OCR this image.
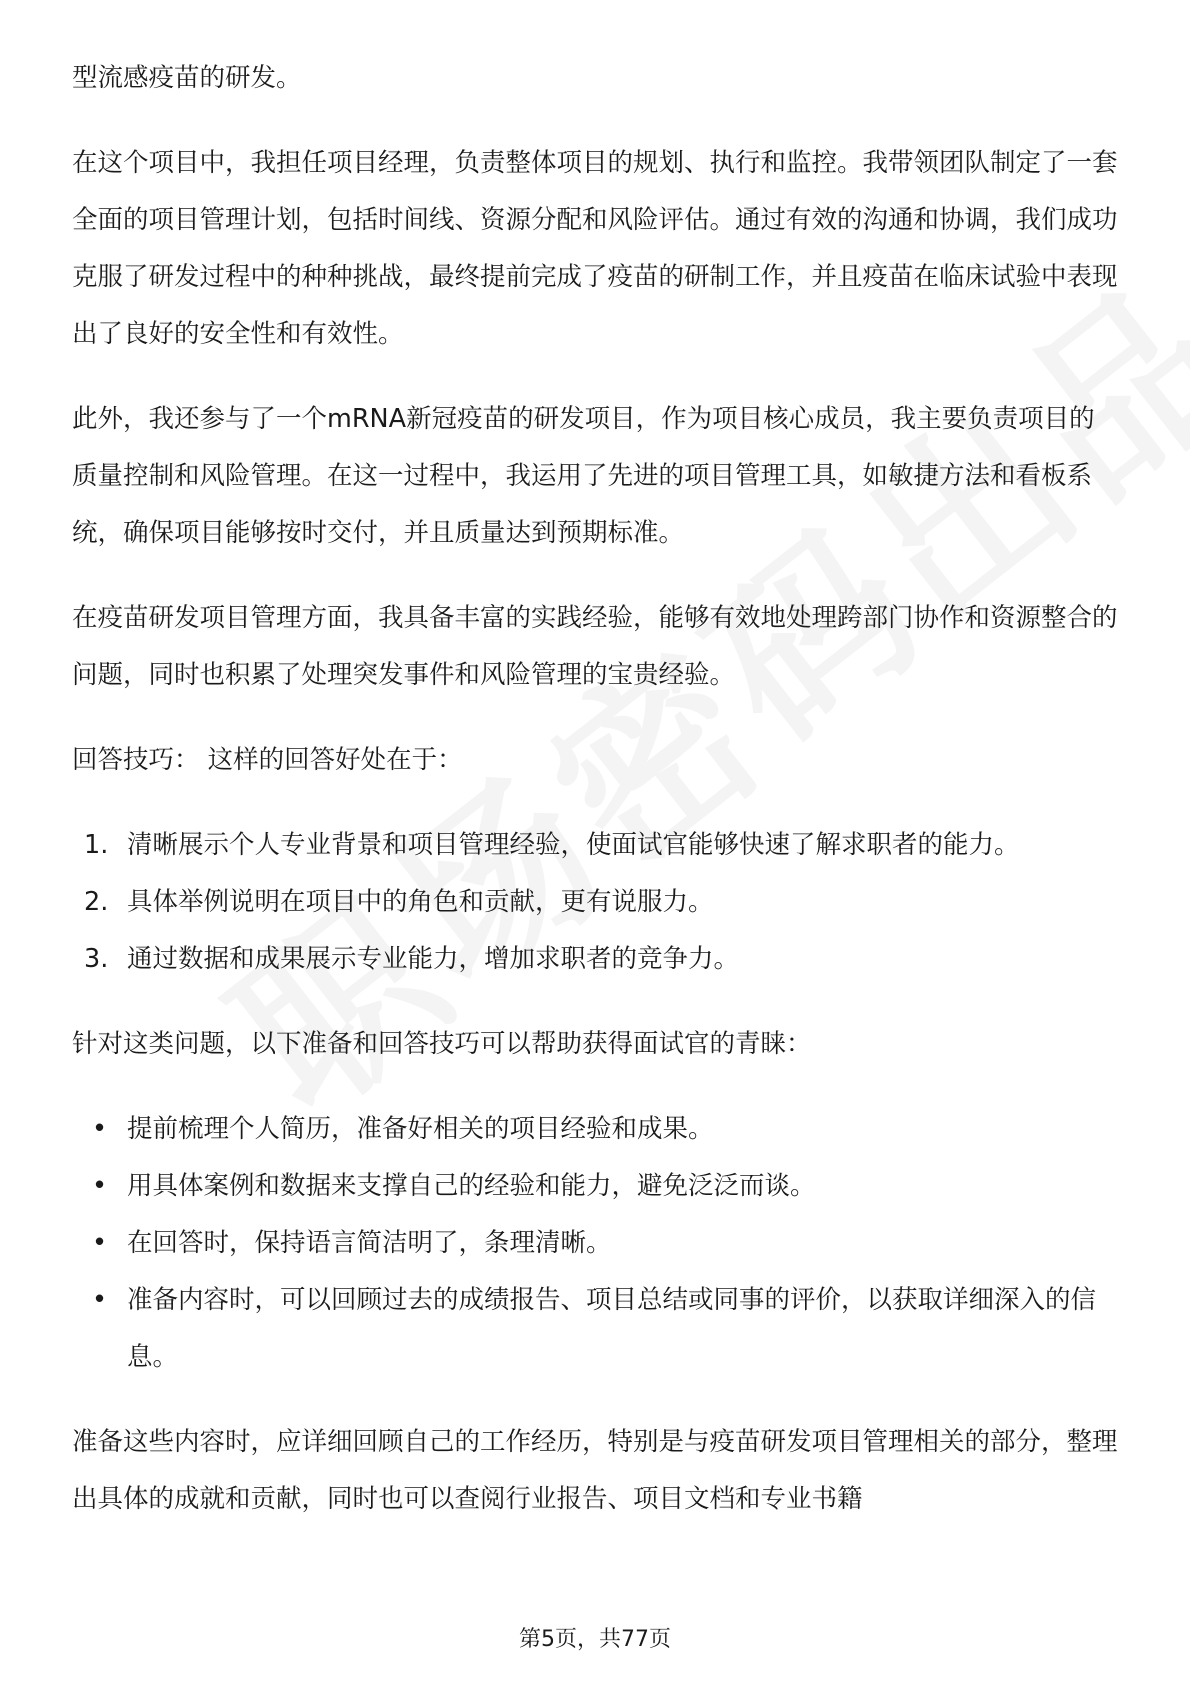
型流感疫苗的研发。

在这个项目中，我担任项目经理，负责整体项目的规划、执行和监控。我带领团队制定了一套全面的项目管理计划，包括时间线、资源分配和风险评估。通过有效的沟通和协调，我们成功克服了研发过程中的种种挑战，最终提前完成了疫苗的研制工作，并且疫苗在临床试验中表现出了良好的安全性和有效性。

此外，我还参与了一个mRNA新冠疫苗的研发项目，作为项目核心成员，我主要负责项目的质量控制和风险管理。在这一过程中，我运用了先进的项目管理工具，如敏捷方法和看板系统，确保项目能够按时交付，并且质量达到预期标准。

在疫苗研发项目管理方面，我具备丰富的实践经验，能够有效地处理跨部门协作和资源整合的问题，同时也积累了处理突发事件和风险管理的宝贵经验。

回答技巧： 这样的回答好处在于：

1. 清晰展示个人专业背景和项目管理经验，使面试官能够快速了解求职者的能力。
2. 具体举例说明在项目中的角色和贡献，更有说服力。
3. 通过数据和成果展示专业能力，增加求职者的竞争力。

针对这类问题，以下准备和回答技巧可以帮助获得面试官的青睐：

• 提前梳理个人简历，准备好相关的项目经验和成果。
• 用具体案例和数据来支撑自己的经验和能力，避免泛泛而谈。
• 在回答时，保持语言简洁明了，条理清晰。
• 准备内容时，可以回顾过去的成绩报告、项目总结或同事的评价，以获取详细深入的信息。

准备这些内容时，应详细回顾自己的工作经历，特别是与疫苗研发项目管理相关的部分，整理出具体的成就和贡献，同时也可以查阅行业报告、项目文档和专业书籍

第5页，共77页
